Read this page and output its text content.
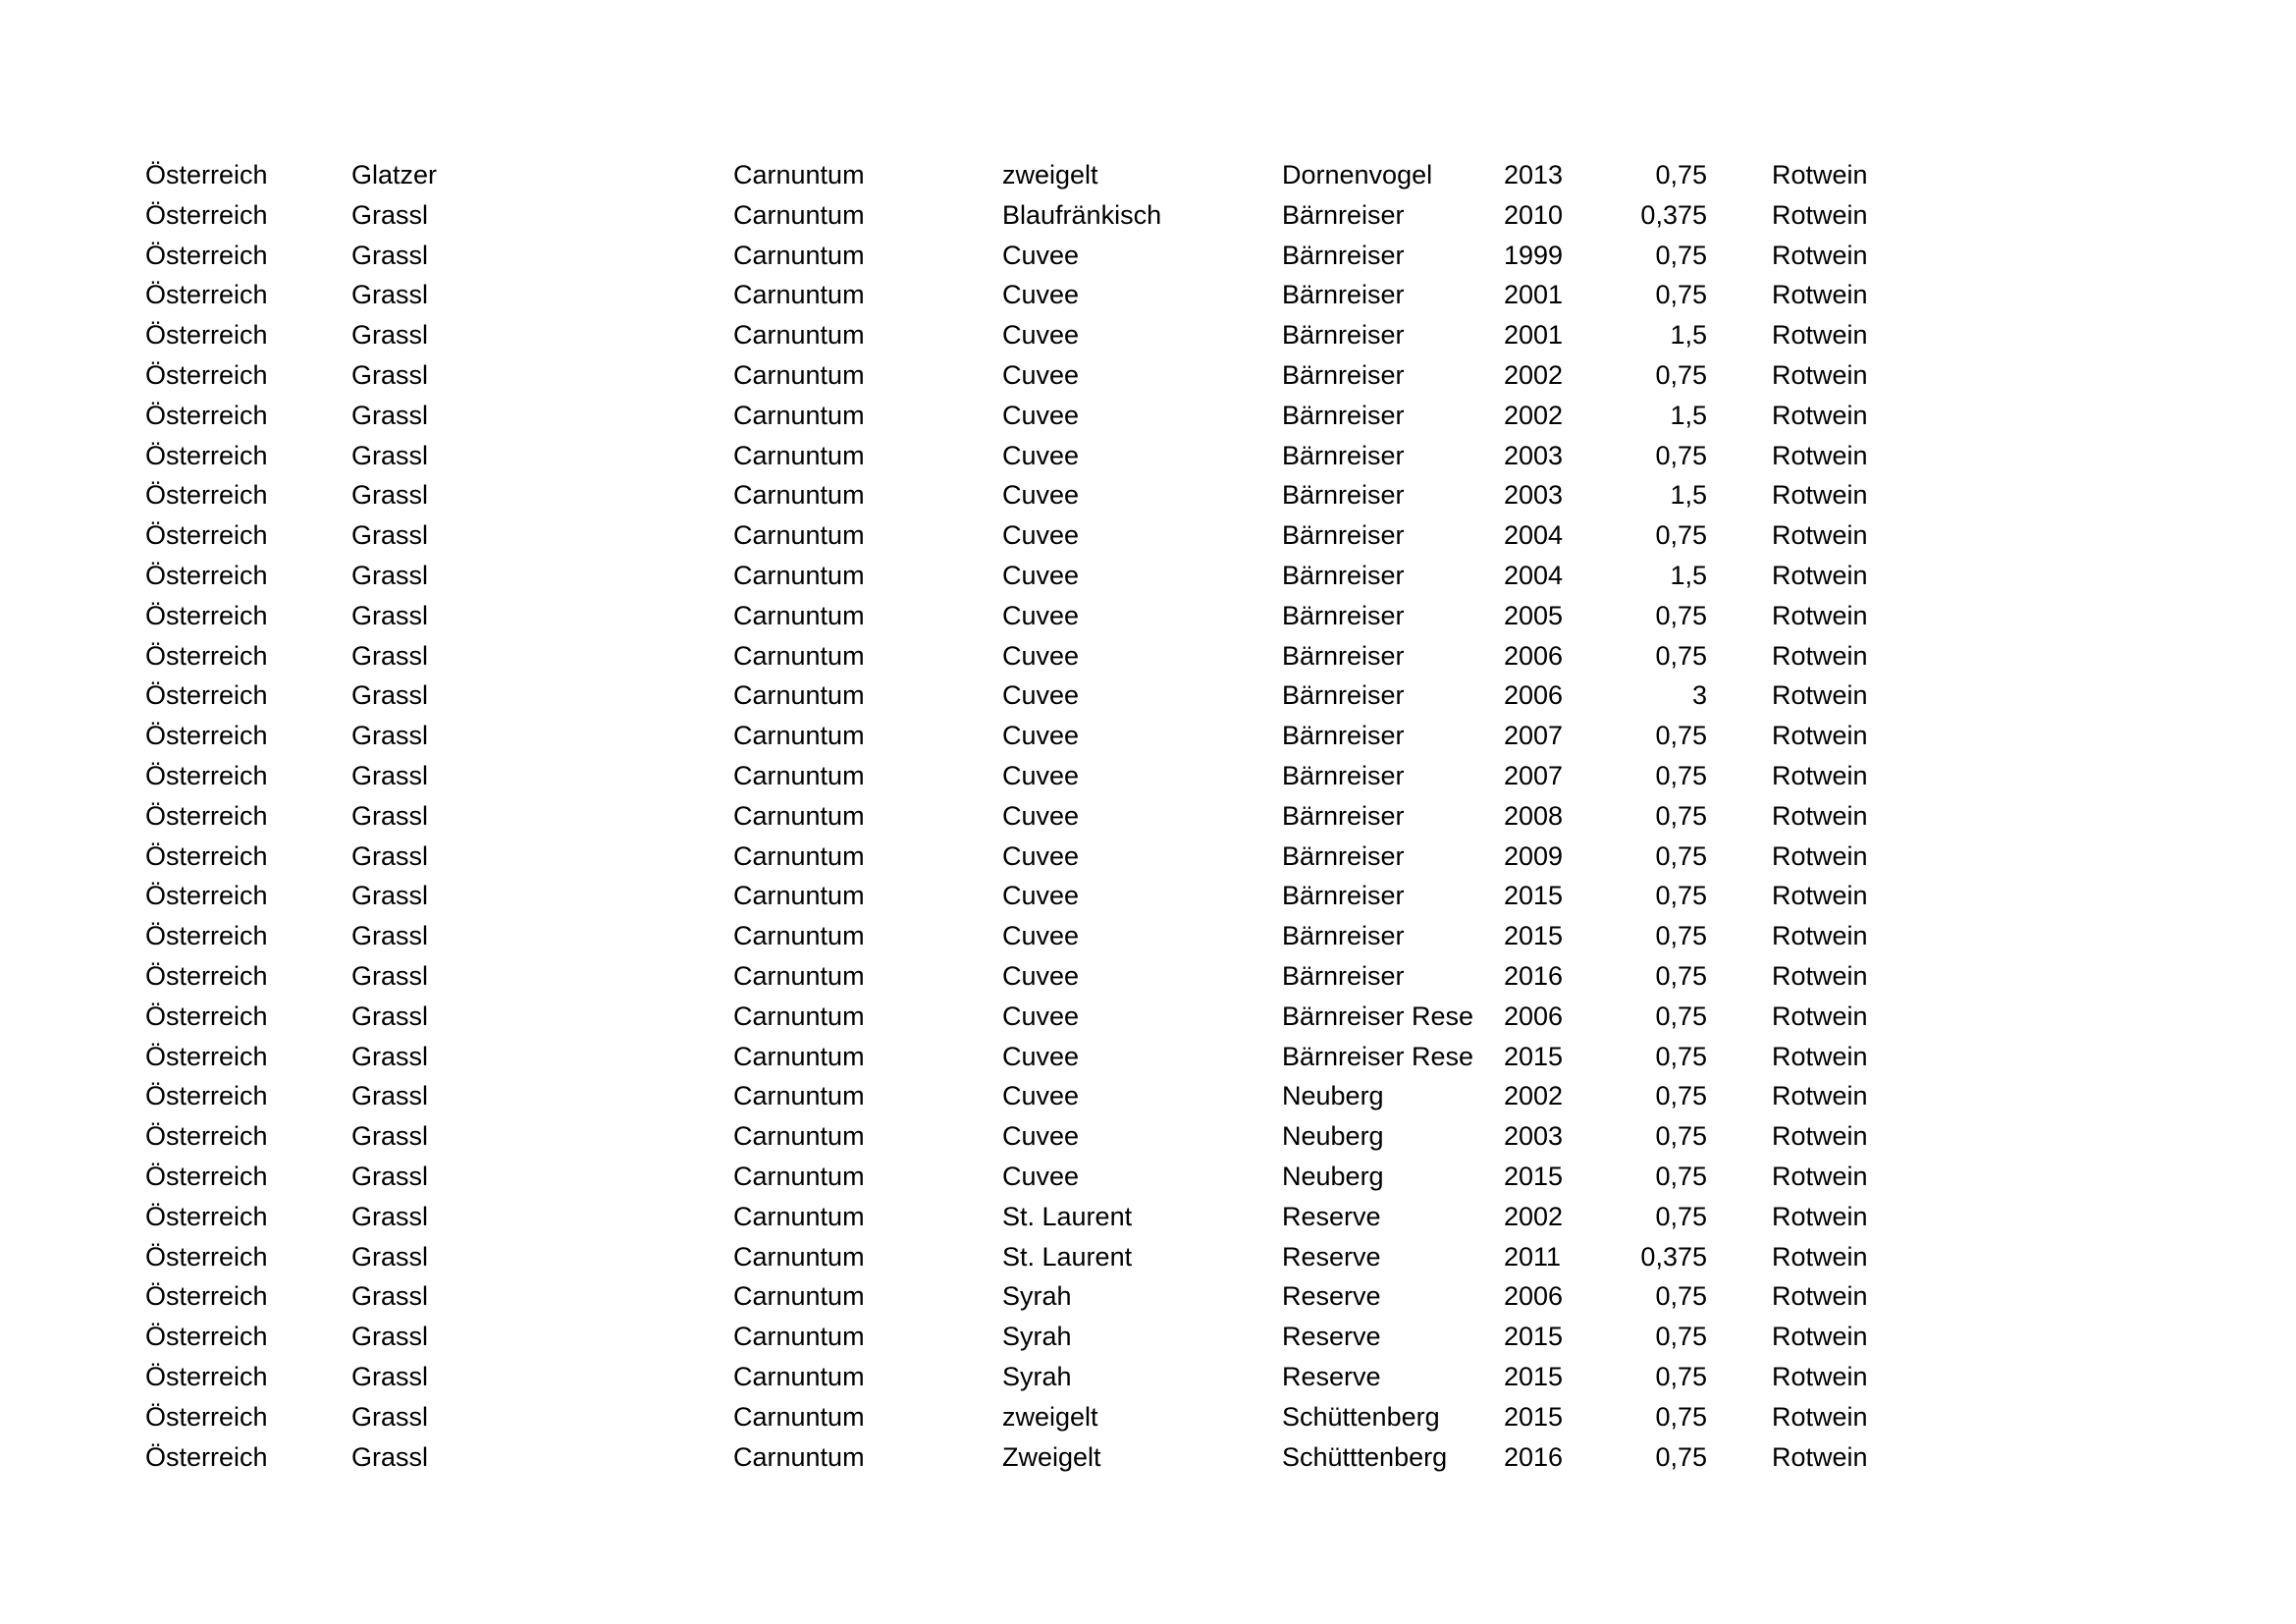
Österreich	Glatzer	Carnuntum	zweigelt	Dornenvogel	2013	0,75	Rotwein
Österreich	Grassl	Carnuntum	Blaufränkisch	Bärnreiser	2010	0,375	Rotwein
Österreich	Grassl	Carnuntum	Cuvee	Bärnreiser	1999	0,75	Rotwein
Österreich	Grassl	Carnuntum	Cuvee	Bärnreiser	2001	0,75	Rotwein
Österreich	Grassl	Carnuntum	Cuvee	Bärnreiser	2001	1,5	Rotwein
Österreich	Grassl	Carnuntum	Cuvee	Bärnreiser	2002	0,75	Rotwein
Österreich	Grassl	Carnuntum	Cuvee	Bärnreiser	2002	1,5	Rotwein
Österreich	Grassl	Carnuntum	Cuvee	Bärnreiser	2003	0,75	Rotwein
Österreich	Grassl	Carnuntum	Cuvee	Bärnreiser	2003	1,5	Rotwein
Österreich	Grassl	Carnuntum	Cuvee	Bärnreiser	2004	0,75	Rotwein
Österreich	Grassl	Carnuntum	Cuvee	Bärnreiser	2004	1,5	Rotwein
Österreich	Grassl	Carnuntum	Cuvee	Bärnreiser	2005	0,75	Rotwein
Österreich	Grassl	Carnuntum	Cuvee	Bärnreiser	2006	0,75	Rotwein
Österreich	Grassl	Carnuntum	Cuvee	Bärnreiser	2006	3	Rotwein
Österreich	Grassl	Carnuntum	Cuvee	Bärnreiser	2007	0,75	Rotwein
Österreich	Grassl	Carnuntum	Cuvee	Bärnreiser	2007	0,75	Rotwein
Österreich	Grassl	Carnuntum	Cuvee	Bärnreiser	2008	0,75	Rotwein
Österreich	Grassl	Carnuntum	Cuvee	Bärnreiser	2009	0,75	Rotwein
Österreich	Grassl	Carnuntum	Cuvee	Bärnreiser	2015	0,75	Rotwein
Österreich	Grassl	Carnuntum	Cuvee	Bärnreiser	2015	0,75	Rotwein
Österreich	Grassl	Carnuntum	Cuvee	Bärnreiser	2016	0,75	Rotwein
Österreich	Grassl	Carnuntum	Cuvee	Bärnreiser Rese	2006	0,75	Rotwein
Österreich	Grassl	Carnuntum	Cuvee	Bärnreiser Rese	2015	0,75	Rotwein
Österreich	Grassl	Carnuntum	Cuvee	Neuberg	2002	0,75	Rotwein
Österreich	Grassl	Carnuntum	Cuvee	Neuberg	2003	0,75	Rotwein
Österreich	Grassl	Carnuntum	Cuvee	Neuberg	2015	0,75	Rotwein
Österreich	Grassl	Carnuntum	St. Laurent	Reserve	2002	0,75	Rotwein
Österreich	Grassl	Carnuntum	St. Laurent	Reserve	2011	0,375	Rotwein
Österreich	Grassl	Carnuntum	Syrah	Reserve	2006	0,75	Rotwein
Österreich	Grassl	Carnuntum	Syrah	Reserve	2015	0,75	Rotwein
Österreich	Grassl	Carnuntum	Syrah	Reserve	2015	0,75	Rotwein
Österreich	Grassl	Carnuntum	zweigelt	Schüttenberg	2015	0,75	Rotwein
Österreich	Grassl	Carnuntum	Zweigelt	Schütttenberg	2016	0,75	Rotwein
